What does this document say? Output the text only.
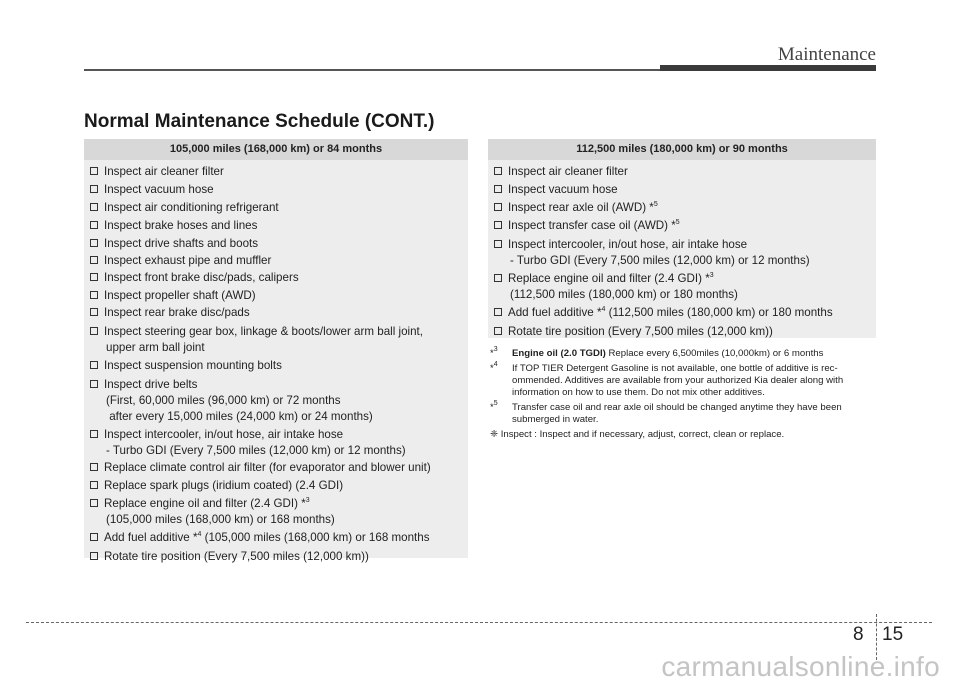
Maintenance
Normal Maintenance Schedule (CONT.)
105,000 miles (168,000 km) or 84 months
Inspect air cleaner filter
Inspect vacuum hose
Inspect air conditioning refrigerant
Inspect brake hoses and lines
Inspect drive shafts and boots
Inspect exhaust pipe and muffler
Inspect front brake disc/pads, calipers
Inspect propeller shaft (AWD)
Inspect rear brake disc/pads
Inspect steering gear box, linkage & boots/lower arm ball joint,
upper arm ball joint
Inspect suspension mounting bolts
Inspect drive belts
(First, 60,000 miles (96,000 km) or 72 months
after every 15,000 miles (24,000 km) or 24 months)
Inspect intercooler, in/out hose, air intake hose
- Turbo GDI (Every 7,500 miles (12,000 km) or 12 months)
Replace climate control air filter (for evaporator and blower unit)
Replace spark plugs (iridium coated) (2.4 GDI)
Replace engine oil and filter (2.4 GDI) *$^3$
(105,000 miles (168,000 km) or 168 months)
Add fuel additive *$^4$ (105,000 miles (168,000 km) or 168 months
Rotate tire position (Every 7,500 miles (12,000 km))
112,500 miles (180,000 km) or 90 months
Inspect air cleaner filter
Inspect vacuum hose
Inspect rear axle oil (AWD) *$^5$
Inspect transfer case oil (AWD) *$^5$
Inspect intercooler, in/out hose, air intake hose
- Turbo GDI (Every 7,500 miles (12,000 km) or 12 months)
Replace engine oil and filter (2.4 GDI) *$^3$
(112,500 miles (180,000 km) or 180 months)
Add fuel additive *$^4$ (112,500 miles (180,000 km) or 180 months
Rotate tire position (Every 7,500 miles (12,000 km))
*$^3$ Engine oil (2.0 TGDI) Replace every 6,500miles (10,000km) or 6 months
*$^4$ If TOP TIER Detergent Gasoline is not available, one bottle of additive is rec-
ommended. Additives are available from your authorized Kia dealer along with
information on how to use them. Do not mix other additives.
*$^5$ Transfer case oil and rear axle oil should be changed anytime they have been
submerged in water.
❈ Inspect : Inspect and if necessary, adjust, correct, clean or replace.
8 15
carmanualsonline.info
